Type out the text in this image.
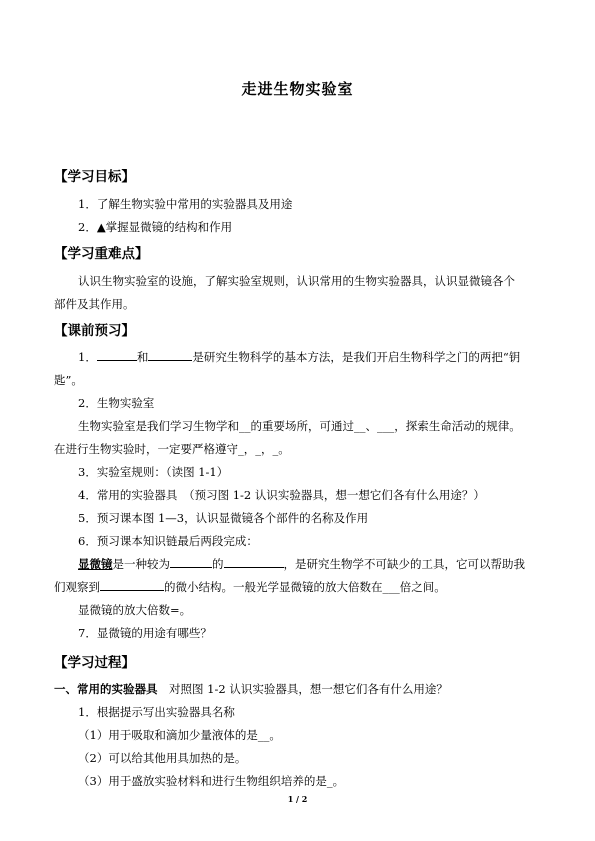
走进生物实验室
【学习目标】
1．了解生物实验中常用的实验器具及用途
2．▲掌握显微镜的结构和作用
【学习重难点】
认识生物实验室的设施，了解实验室规则，认识常用的生物实验器具，认识显微镜各个
部件及其作用。
【课前预习】
1．	和	是研究生物科学的基本方法，是我们开启生物科学之门的两把“钥
匙”。
2．生物实验室
生物实验室是我们学习生物学和__的重要场所，可通过__、___，探索生命活动的规律。
在进行生物实验时，一定要严格遵守_，_，_。
3．实验室规则：（读图 1-1）
4．常用的实验器具　（预习图 1-2 认识实验器具，想一想它们各有什么用途？）
5．预习课本图 1—3，认识显微镜各个部件的名称及作用
6．预习课本知识链最后两段完成：
显微镜是一种较为	的	，是研究生物学不可缺少的工具，它可以帮助我
们观察到	的微小结构。一般光学显微镜的放大倍数在___倍之间。
显微镜的放大倍数=。
7．显微镜的用途有哪些？
【学习过程】
一、常用的实验器具　对照图 1-2 认识实验器具，想一想它们各有什么用途？
1．根据提示写出实验器具名称
（1）用于吸取和滴加少量液体的是__。
（2）可以给其他用具加热的是。
（3）用于盛放实验材料和进行生物组织培养的是_。
1 / 2
